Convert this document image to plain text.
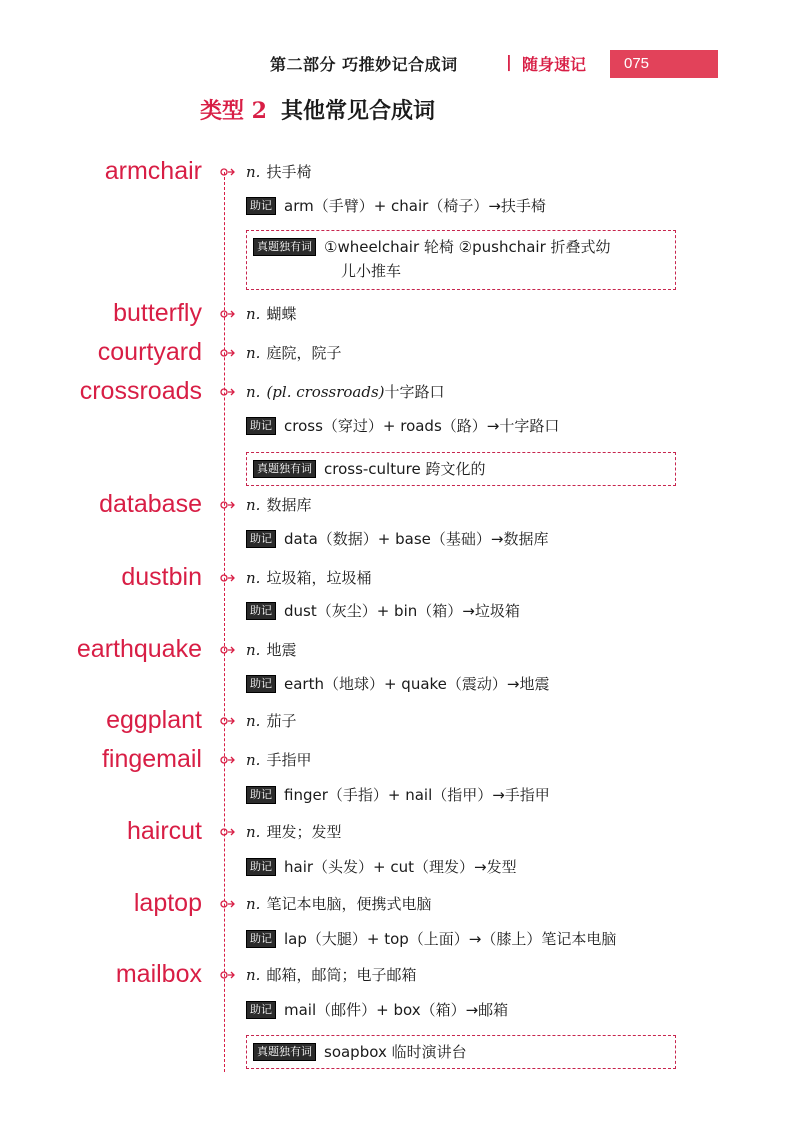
第二部分 巧推妙记合成词	| 随身速记	075
类型 2 其他常见合成词
armchair	n. 扶手椅
助记 arm（手臂）+ chair（椅子）→扶手椅
真题独有词 ①wheelchair 轮椅 ②pushchair 折叠式幼
儿小推车
butterfly	n. 蝴蝶
courtyard	n. 庭院，院子
crossroads	n. (pl. crossroads)十字路口
助记 cross（穿过）+ roads（路）→十字路口
真题独有词 cross-culture 跨文化的
database	n. 数据库
助记 data（数据）+ base（基础）→数据库
dustbin	n. 垃圾箱，垃圾桶
助记 dust（灰尘）+ bin（箱）→垃圾箱
earthquake	n. 地震
助记 earth（地球）+ quake（震动）→地震
eggplant	n. 茄子
fingemail	n. 手指甲
助记 finger（手指）+ nail（指甲）→手指甲
haircut	n. 理发；发型
助记 hair（头发）+ cut（理发）→发型
laptop	n. 笔记本电脑，便携式电脑
助记 lap（大腿）+ top（上面）→（膝上）笔记本电脑
mailbox	n. 邮箱，邮筒；电子邮箱
助记 mail（邮件）+ box（箱）→邮箱
真题独有词 soapbox 临时演讲台
